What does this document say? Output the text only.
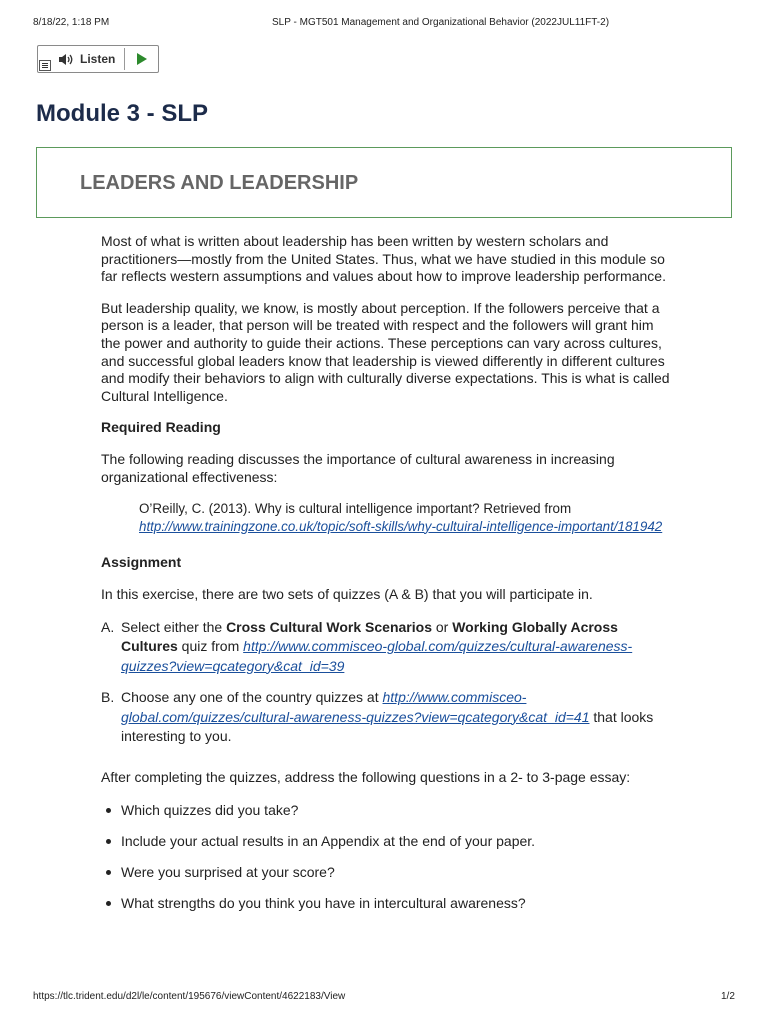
8/18/22, 1:18 PM	SLP - MGT501 Management and Organizational Behavior (2022JUL11FT-2)
Listen
Module 3 - SLP
LEADERS AND LEADERSHIP

Most of what is written about leadership has been written by western scholars and practitioners—mostly from the United States. Thus, what we have studied in this module so far reflects western assumptions and values about how to improve leadership performance.

But leadership quality, we know, is mostly about perception. If the followers perceive that a person is a leader, that person will be treated with respect and the followers will grant him the power and authority to guide their actions. These perceptions can vary across cultures, and successful global leaders know that leadership is viewed differently in different cultures and modify their behaviors to align with culturally diverse expectations. This is what is called Cultural Intelligence.

Required Reading

The following reading discusses the importance of cultural awareness in increasing organizational effectiveness:

O’Reilly, C. (2013). Why is cultural intelligence important? Retrieved from
http://www.trainingzone.co.uk/topic/soft-skills/why-cultuiral-intelligence-important/181942

Assignment

In this exercise, there are two sets of quizzes (A & B) that you will participate in.

A. Select either the Cross Cultural Work Scenarios or Working Globally Across Cultures quiz from http://www.commisceo-global.com/quizzes/cultural-awareness-quizzes?view=qcategory&cat_id=39
B. Choose any one of the country quizzes at http://www.commisceo-global.com/quizzes/cultural-awareness-quizzes?view=qcategory&cat_id=41 that looks interesting to you.

After completing the quizzes, address the following questions in a 2- to 3-page essay:

Which quizzes did you take?
Include your actual results in an Appendix at the end of your paper.
Were you surprised at your score?
What strengths do you think you have in intercultural awareness?
https://tlc.trident.edu/d2l/le/content/195676/viewContent/4622183/View	1/2
